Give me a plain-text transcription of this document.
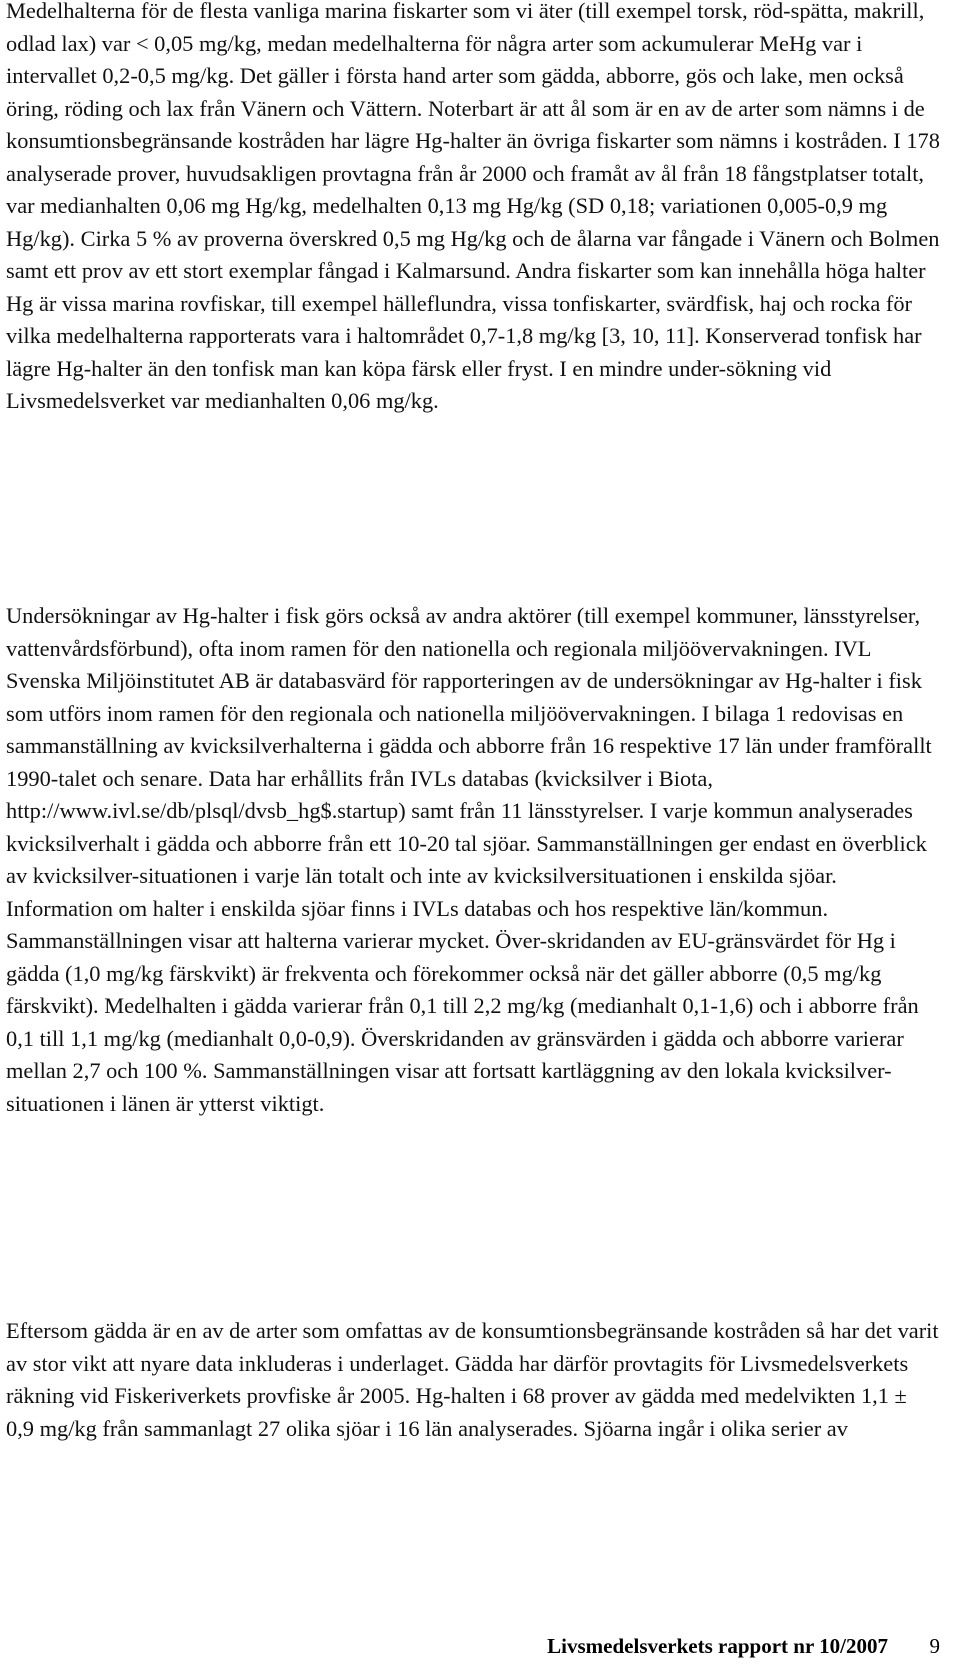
Medelhalterna för de flesta vanliga marina fiskarter som vi äter (till exempel torsk, röd-spätta, makrill, odlad lax) var < 0,05 mg/kg, medan medelhalterna för några arter som ackumulerar MeHg var i intervallet 0,2-0,5 mg/kg. Det gäller i första hand arter som gädda, abborre, gös och lake, men också öring, röding och lax från Vänern och Vättern. Noterbart är att ål som är en av de arter som nämns i de konsumtionsbegränsande kostråden har lägre Hg-halter än övriga fiskarter som nämns i kostråden. I 178 analyserade prover, huvudsakligen provtagna från år 2000 och framåt av ål från 18 fångstplatser totalt, var medianhalten 0,06 mg Hg/kg, medelhalten 0,13 mg Hg/kg (SD 0,18; variationen 0,005-0,9 mg Hg/kg). Cirka 5 % av proverna överskred 0,5 mg Hg/kg och de ålarna var fångade i Vänern och Bolmen samt ett prov av ett stort exemplar fångad i Kalmarsund. Andra fiskarter som kan innehålla höga halter Hg är vissa marina rovfiskar, till exempel hälleflundra, vissa tonfiskarter, svärdfisk, haj och rocka för vilka medelhalterna rapporterats vara i haltområdet 0,7-1,8 mg/kg [3, 10, 11]. Konserverad tonfisk har lägre Hg-halter än den tonfisk man kan köpa färsk eller fryst. I en mindre under-sökning vid Livsmedelsverket var medianhalten 0,06 mg/kg.

Undersökningar av Hg-halter i fisk görs också av andra aktörer (till exempel kommuner, länsstyrelser, vattenvårdsförbund), ofta inom ramen för den nationella och regionala miljöövervakningen. IVL Svenska Miljöinstitutet AB är databasvärd för rapporteringen av de undersökningar av Hg-halter i fisk som utförs inom ramen för den regionala och nationella miljöövervakningen. I bilaga 1 redovisas en sammanställning av kvicksilverhalterna i gädda och abborre från 16 respektive 17 län under framförallt 1990-talet och senare. Data har erhållits från IVLs databas (kvicksilver i Biota, http://www.ivl.se/db/plsql/dvsb_hg$.startup) samt från 11 länsstyrelser. I varje kommun analyserades kvicksilverhalt i gädda och abborre från ett 10-20 tal sjöar. Sammanställningen ger endast en överblick av kvicksilver-situationen i varje län totalt och inte av kvicksilversituationen i enskilda sjöar. Information om halter i enskilda sjöar finns i IVLs databas och hos respektive län/kommun. Sammanställningen visar att halterna varierar mycket. Över-skridanden av EU-gränsvärdet för Hg i gädda (1,0 mg/kg färskvikt) är frekventa och förekommer också när det gäller abborre (0,5 mg/kg färskvikt). Medelhalten i gädda varierar från 0,1 till 2,2 mg/kg (medianhalt 0,1-1,6) och i abborre från 0,1 till 1,1 mg/kg (medianhalt 0,0-0,9). Överskridanden av gränsvärden i gädda och abborre varierar mellan 2,7 och 100 %. Sammanställningen visar att fortsatt kartläggning av den lokala kvicksilver-situationen i länen är ytterst viktigt.

Eftersom gädda är en av de arter som omfattas av de konsumtionsbegränsande kostråden så har det varit av stor vikt att nyare data inkluderas i underlaget. Gädda har därför provtagits för Livsmedelsverkets räkning vid Fiskeriverkets provfiske år 2005. Hg-halten i 68 prover av gädda med medelvikten 1,1 ± 0,9 mg/kg från sammanlagt 27 olika sjöar i 16 län analyserades. Sjöarna ingår i olika serier av

Livsmedelsverkets rapport nr 10/2007 9
